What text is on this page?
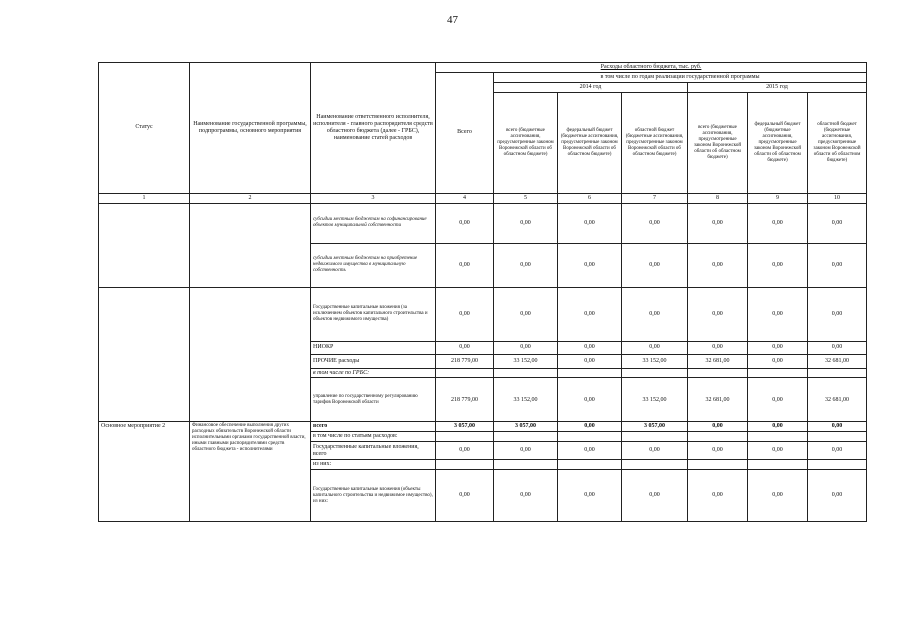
47
Статус	Наименование государственной программы, подпрограммы, основного мероприятия	Наименование ответственного исполнителя, исполнителя - главного распорядителя средств областного бюджета (далее - ГРБС), наименование статей расходов	Расходы областного бюджета, тыс. руб.						
			Всего	в том числе по годам реализации государственной программы					
				2014 год			2015 год		
				всего (бюджетные ассигнования, предусмотренные законом Воронежской области об областном бюджете)	федеральный бюджет (бюджетные ассигнования, предусмотренные законом Воронежской области об областном бюджете)	областной бюджет (бюджетные ассигнования, предусмотренные законом Воронежской области об областном бюджете)	всего (бюджетные ассигнования, предусмотренные законом Воронежской области об областном бюджете)	федеральный бюджет (бюджетные ассигнования, предусмотренные законом Воронежской области об областном бюджете)	областной бюджет (бюджетные ассигнования, предусмотренные законом Воронежской области об областном бюджете)
1	2	3	4	5	6	7	8	9	10
		субсидии местным бюджетам на софинансирование объектов муниципальной собственности	0,00	0,00	0,00	0,00	0,00	0,00	0,00
		субсидии местным бюджетам на приобретение недвижимого имущества в муниципальную собственность	0,00	0,00	0,00	0,00	0,00	0,00	0,00
		Государственные капитальные вложения (за исключением объектов капитального строительства и объектов недвижимого имущества)	0,00	0,00	0,00	0,00	0,00	0,00	0,00
		НИОКР	0,00	0,00	0,00	0,00	0,00	0,00	0,00
		ПРОЧИЕ расходы	218 779,00	33 152,00	0,00	33 152,00	32 681,00	0,00	32 681,00
		в том числе по ГРБС:							
		управление по государственному регулированию тарифов Воронежской области	218 779,00	33 152,00	0,00	33 152,00	32 681,00	0,00	32 681,00
Основное мероприятие 2	Финансовое обеспечение выполнения других расходных обязательств Воронежской области исполнительными органами государственной власти, иными главными распорядителями средств областного бюджета - исполнителями	всего	3 057,00	3 057,00	0,00	3 057,00	0,00	0,00	0,00
		в том числе по статьям расходов:							
		Государственные капитальные вложения, всего	0,00	0,00	0,00	0,00	0,00	0,00	0,00
		из них:							
		Государственные капитальные вложения (объекты капитального строительства и недвижимое имущество), из них:	0,00	0,00	0,00	0,00	0,00	0,00	0,00
